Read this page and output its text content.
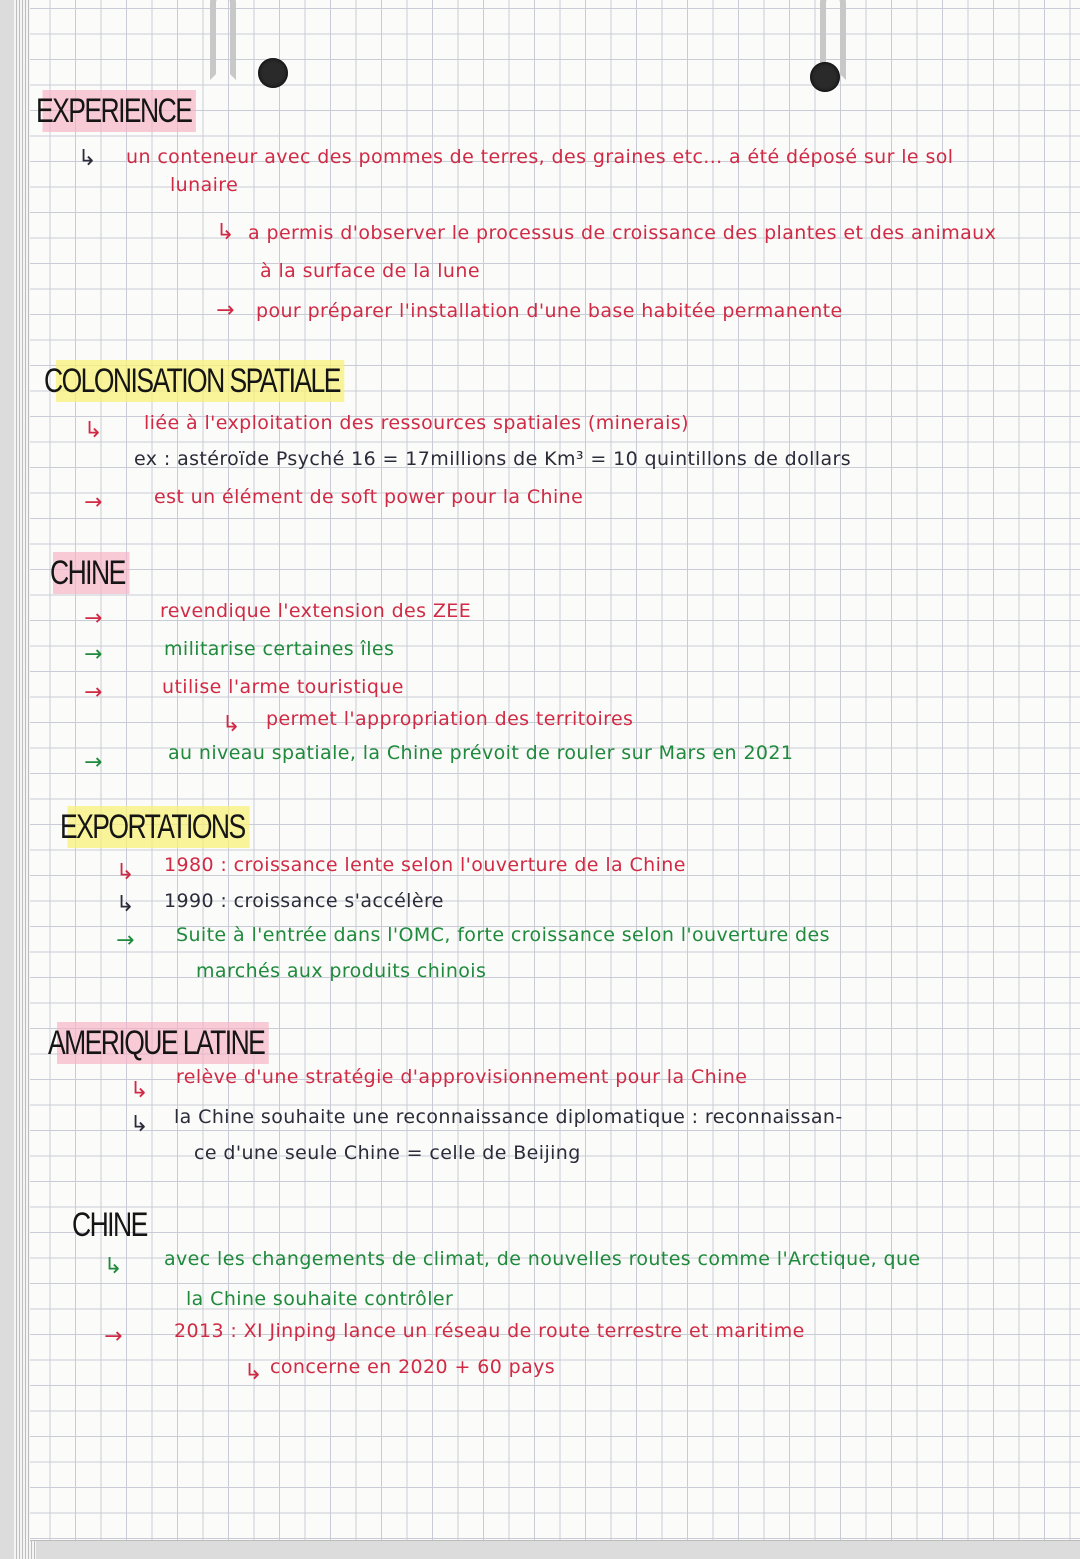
EXPERIENCE
↳ un conteneur avec des pommes de terres, des graines etc... a été déposé sur le sol
lunaire
↳ a permis d'observer le processus de croissance des plantes et des animaux
à la surface de la lune
→ pour préparer l'installation d'une base habitée permanente
COLONISATION SPATIALE
↳ liée à l'exploitation des ressources spatiales (minerais)
ex : astéroïde Psyché 16 = 17millions de Km³ = 10 quintillons de dollars
→	est un élément de soft power pour la Chine
CHINE
→	revendique l'extension des ZEE
→	militarise certaines îles
→	utilise l'arme touristique
↳ permet l'appropriation des territoires
→	au niveau spatiale, la Chine prévoit de rouler sur Mars en 2021
EXPORTATIONS
↳ 1980 : croissance lente selon l'ouverture de la Chine
↳ 1990 : croissance s'accélère
→ Suite à l'entrée dans l'OMC, forte croissance selon l'ouverture des
marchés aux produits chinois
AMERIQUE LATINE
↳
relève d'une stratégie d'approvisionnement pour la Chine
↳ la Chine souhaite une reconnaissance diplomatique : reconnaissan-
ce d'une seule Chine = celle de Beijing
CHINE
↳ avec les changements de climat, de nouvelles routes comme l'Arctique, que
la Chine souhaite contrôler
→	2013 : XI Jinping lance un réseau de route terrestre et maritime
↳ concerne en 2020 + 60 pays
